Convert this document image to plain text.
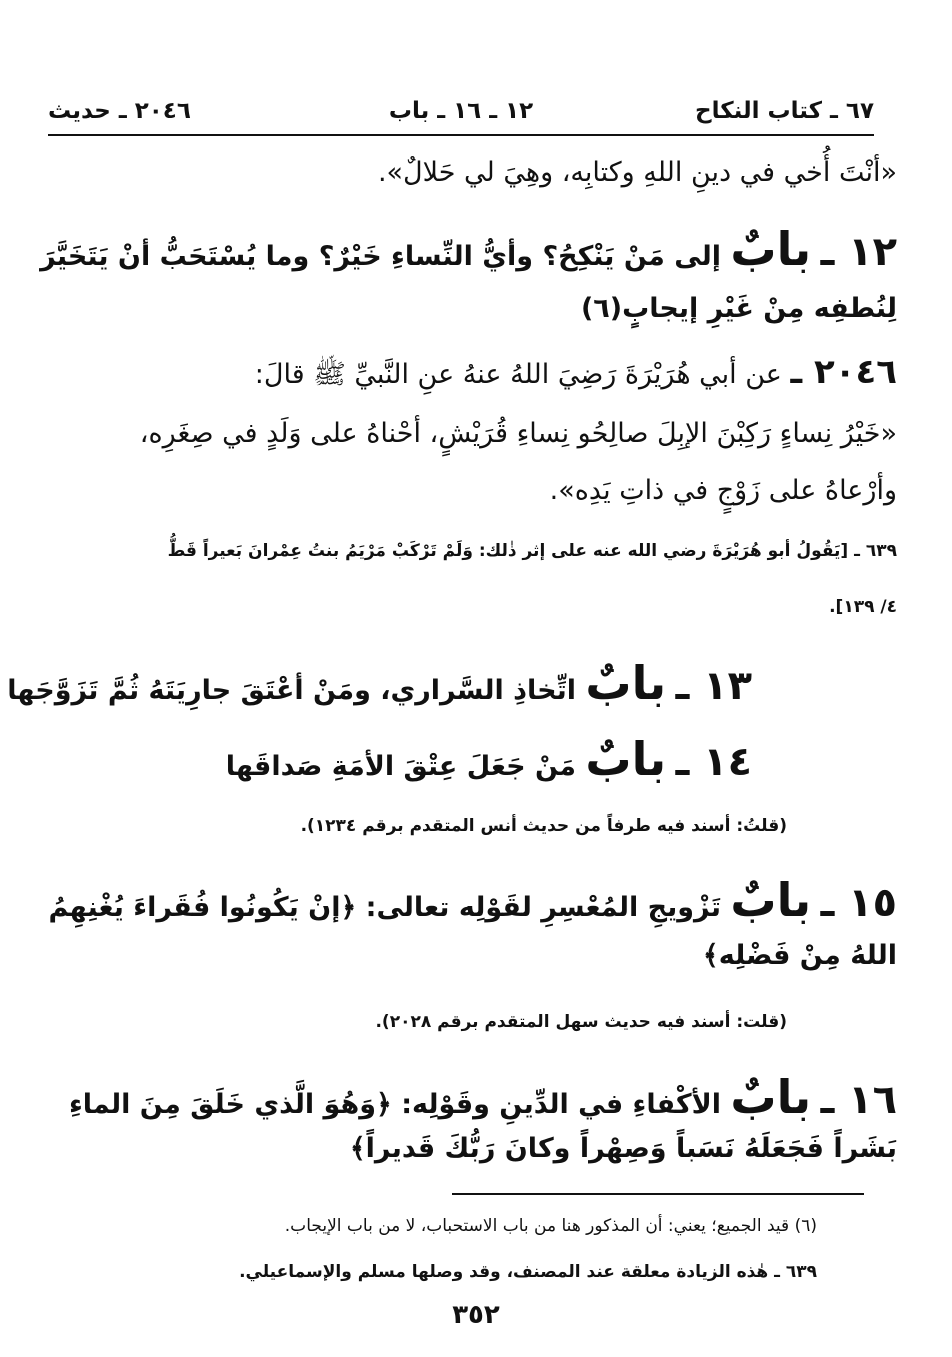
٦٧ ـ كتاب النكاح
١٢ ـ ١٦ ـ باب
٢٠٤٦ ـ حديث
«أنْتَ أُخي في دينِ اللهِ وكتابِه، وهِيَ لي حَلالٌ».
١٢ ـ بابٌ إلى مَنْ يَنْكِحُ؟ وأيُّ النِّساءِ خَيْرٌ؟ وما يُسْتَحَبُّ أنْ يَتَخَيَّرَ
لِنُطفِه مِنْ غَيْرِ إيجابٍ(٦)
٢٠٤٦ ـ عن أبي هُرَيْرَةَ رَضِيَ اللهُ عنهُ عنِ النَّبيِّ ﷺ قالَ:
«خَيْرُ نِساءٍ رَكِبْنَ الإبِلَ صالِحُو نِساءِ قُرَيْشٍ، أحْناهُ على وَلَدٍ في صِغَرِه،
وأرْعاهُ على زَوْجٍ في ذاتِ يَدِه».
٦٣٩ ـ [يَقُولُ أبو هُرَيْرَةَ رضي الله عنه على إثر ذٰلك: وَلَمْ تَرْكَبْ مَرْيَمُ بنتُ عِمْرانَ بَعيراً قَطُّ
٤/ ١٣٩].
١٣ ـ بابٌ اتِّخاذِ السَّراري، ومَنْ أعْتَقَ جارِيَتَهُ ثُمَّ تَزَوَّجَها
١٤ ـ بابٌ مَنْ جَعَلَ عِتْقَ الأمَةِ صَداقَها
(قلتُ: أسند فيه طرفاً من حديث أنس المتقدم برقم ١٢٣٤).
١٥ ـ بابٌ تَزْويجِ المُعْسِرِ لقَوْلِه تعالى: ﴿إنْ يَكُونُوا فُقَراءَ يُغْنِهِمُ
اللهُ مِنْ فَضْلِه﴾
(قلت: أسند فيه حديث سهل المتقدم برقم ٢٠٢٨).
١٦ ـ بابٌ الأكْفاءِ في الدِّينِ وقَوْلِه: ﴿وَهُوَ الَّذي خَلَقَ مِنَ الماءِ
بَشَراً فَجَعَلَهُ نَسَباً وَصِهْراً وكانَ رَبُّكَ قَديراً﴾
(٦) قيد الجميع؛ يعني: أن المذكور هنا من باب الاستحباب، لا من باب الإيجاب.
٦٣٩ ـ هٰذه الزيادة معلقة عند المصنف، وقد وصلها مسلم والإسماعيلي.
٣٥٢
